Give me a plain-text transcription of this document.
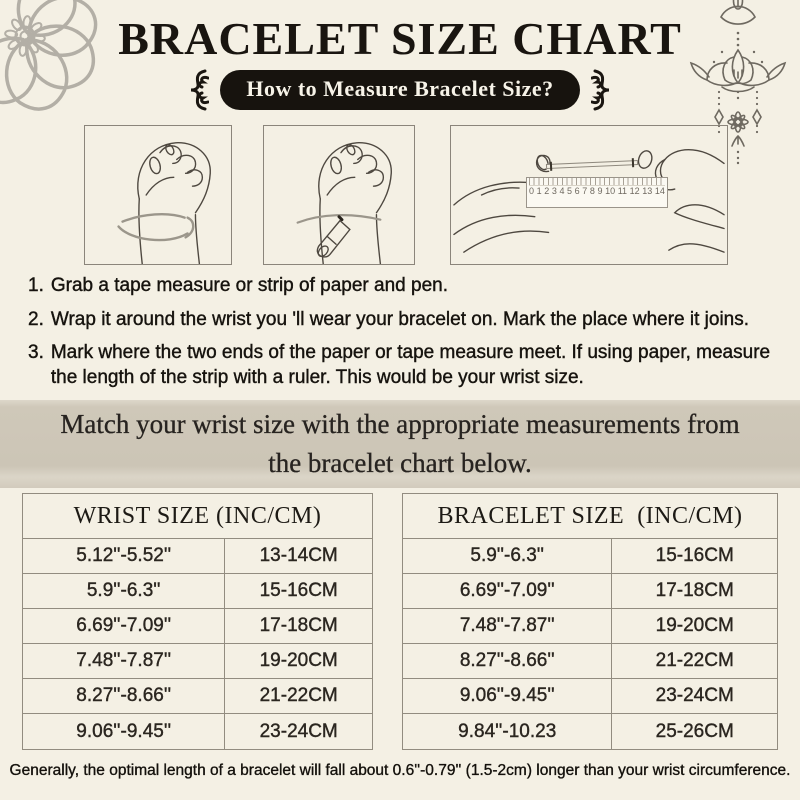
BRACELET SIZE CHART
How to Measure Bracelet Size?
0 1 2 3 4 5 6 7 8 9 10 11 12 13 14
1. Grab a tape measure or strip of paper and pen.
2. Wrap it around the wrist you 'll wear your bracelet on. Mark the place where it joins.
3. Mark where the two ends of the paper or tape measure meet. If using paper, measure the length of the strip with a ruler. This would be your wrist size.
Match your wrist size with the appropriate measurements from the bracelet chart below.
WRIST SIZE (INC/CM)
5.12''-5.52''	13-14CM
5.9''-6.3''	15-16CM
6.69''-7.09''	17-18CM
7.48''-7.87''	19-20CM
8.27''-8.66''	21-22CM
9.06''-9.45''	23-24CM
BRACELET SIZE  (INC/CM)
5.9''-6.3''	15-16CM
6.69''-7.09''	17-18CM
7.48''-7.87''	19-20CM
8.27''-8.66''	21-22CM
9.06''-9.45''	23-24CM
9.84''-10.23	25-26CM
Generally, the optimal length of a bracelet will fall about 0.6''-0.79'' (1.5-2cm) longer than your wrist circumference.
